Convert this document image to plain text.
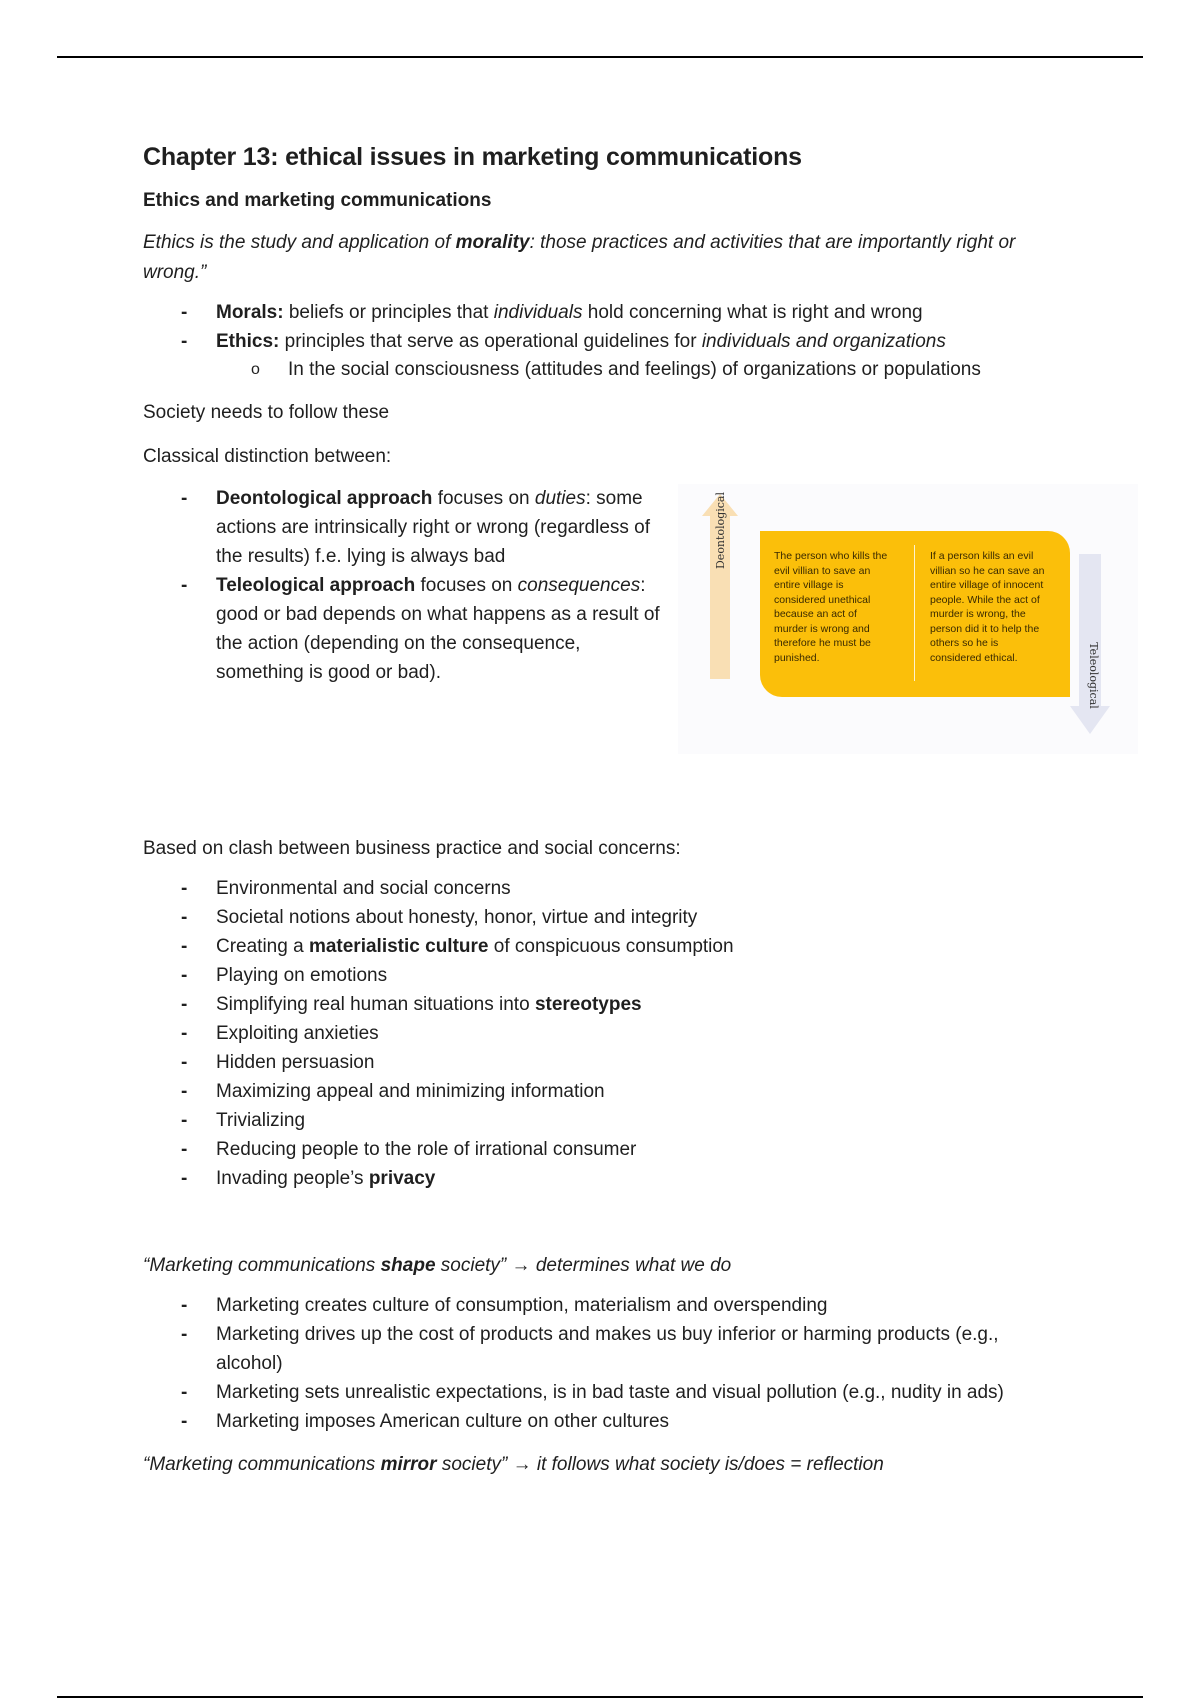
Chapter 13: ethical issues in marketing communications
Ethics and marketing communications

Ethics is the study and application of morality: those practices and activities that are importantly right or wrong.”

- Morals: beliefs or principles that individuals hold concerning what is right and wrong
- Ethics: principles that serve as operational guidelines for individuals and organizations
o In the social consciousness (attitudes and feelings) of organizations or populations

Society needs to follow these

Classical distinction between:

- Deontological approach focuses on duties: some actions are intrinsically right or wrong (regardless of the results) f.e. lying is always bad
- Teleological approach focuses on consequences: good or bad depends on what happens as a result of the action (depending on the consequence, something is good or bad).
Deontological	The person who kills the evil villian to save an entire village is considered unethical because an act of murder is wrong and therefore he must be punished.
If a person kills an evil villian so he can save an entire village of innocent people. While the act of murder is wrong, the person did it to help the others so he is considered ethical.	Teleological

Based on clash between business practice and social concerns:

- Environmental and social concerns
- Societal notions about honesty, honor, virtue and integrity
- Creating a materialistic culture of conspicuous consumption
- Playing on emotions
- Simplifying real human situations into stereotypes
- Exploiting anxieties
- Hidden persuasion
- Maximizing appeal and minimizing information
- Trivializing
- Reducing people to the role of irrational consumer
- Invading people’s privacy

“Marketing communications shape society” → determines what we do

- Marketing creates culture of consumption, materialism and overspending
- Marketing drives up the cost of products and makes us buy inferior or harming products (e.g., alcohol)
- Marketing sets unrealistic expectations, is in bad taste and visual pollution (e.g., nudity in ads)
- Marketing imposes American culture on other cultures

“Marketing communications mirror society” → it follows what society is/does = reflection
